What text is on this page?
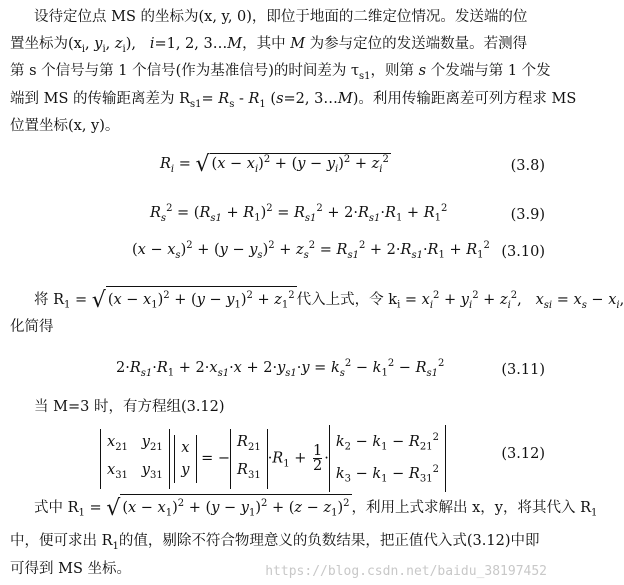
设待定位点 MS 的坐标为(x, y, 0)，即位于地面的二维定位情况。发送端的位
置坐标为($x_i$, $y_i$, $z_i$),   i=1, 2, 3…M，其中 M 为参与定位的发送端数量。若测得
第 s 个信号与第 1 个信号(作为基准信号)的时间差为 $\tau_{s1}$，则第 s 个发端与第 1 个发
端到 MS 的传输距离差为 $R_{s1}= R_s - R_1$ (s=2, 3…M)。利用传输距离差可列方程求 MS
位置坐标(x, y)。
$R_i$ = √ $(x - x_i)^2 + (y - y_i)^2 + z_i^2$	(3.8)
$R_s^2 = (R_{s1} + R_1)^2 = R_{s1}^2 + 2\cdot R_{s1}\cdot R_1 + R_1^2$	(3.9)
$(x - x_s)^2 + (y - y_s)^2 + z_s^2 = R_{s1}^2 + 2\cdot R_{s1}\cdot R_1 + R_1^2$ (3.10)
将 $R_1$ = √ $(x - x_1)^2 + (y - y_1)^2 + z_1^2$ 代入上式，令 $k_i = x_i^2 + y_i^2 + z_i^2$,   $x_{si} = x_s - x_i$,
化简得
$2\cdot R_{s1}\cdot R_1 + 2\cdot x_{s1}\cdot x + 2\cdot y_{s1}\cdot y = k_s^2 - k_1^2 - R_{s1}^2$	(3.11)
当 M=3 时，有方程组(3.12)
$x_{21}$ $y_{21}$
$x_{31}$ $y_{31}$ x
$y = -R_{21}$
$R_{31}\cdot R_1 + \frac{1}{2} \cdot k_2 - k_1 - R_{21}^2$
$k_3 - k_1 - R_{31}^2$
(3.12)
式中 $R_1$ = √ $(x - x_1)^2 + (y - y_1)^2 + (z - z_1)^2$ ，利用上式求解出 x，y，将其代入 $R_1$
中，便可求出 $R_1$的值，剔除不符合物理意义的负数结果，把正值代入式(3.12)中即
可得到 MS 坐标。	https://blog.csdn.net/baidu_38197452
